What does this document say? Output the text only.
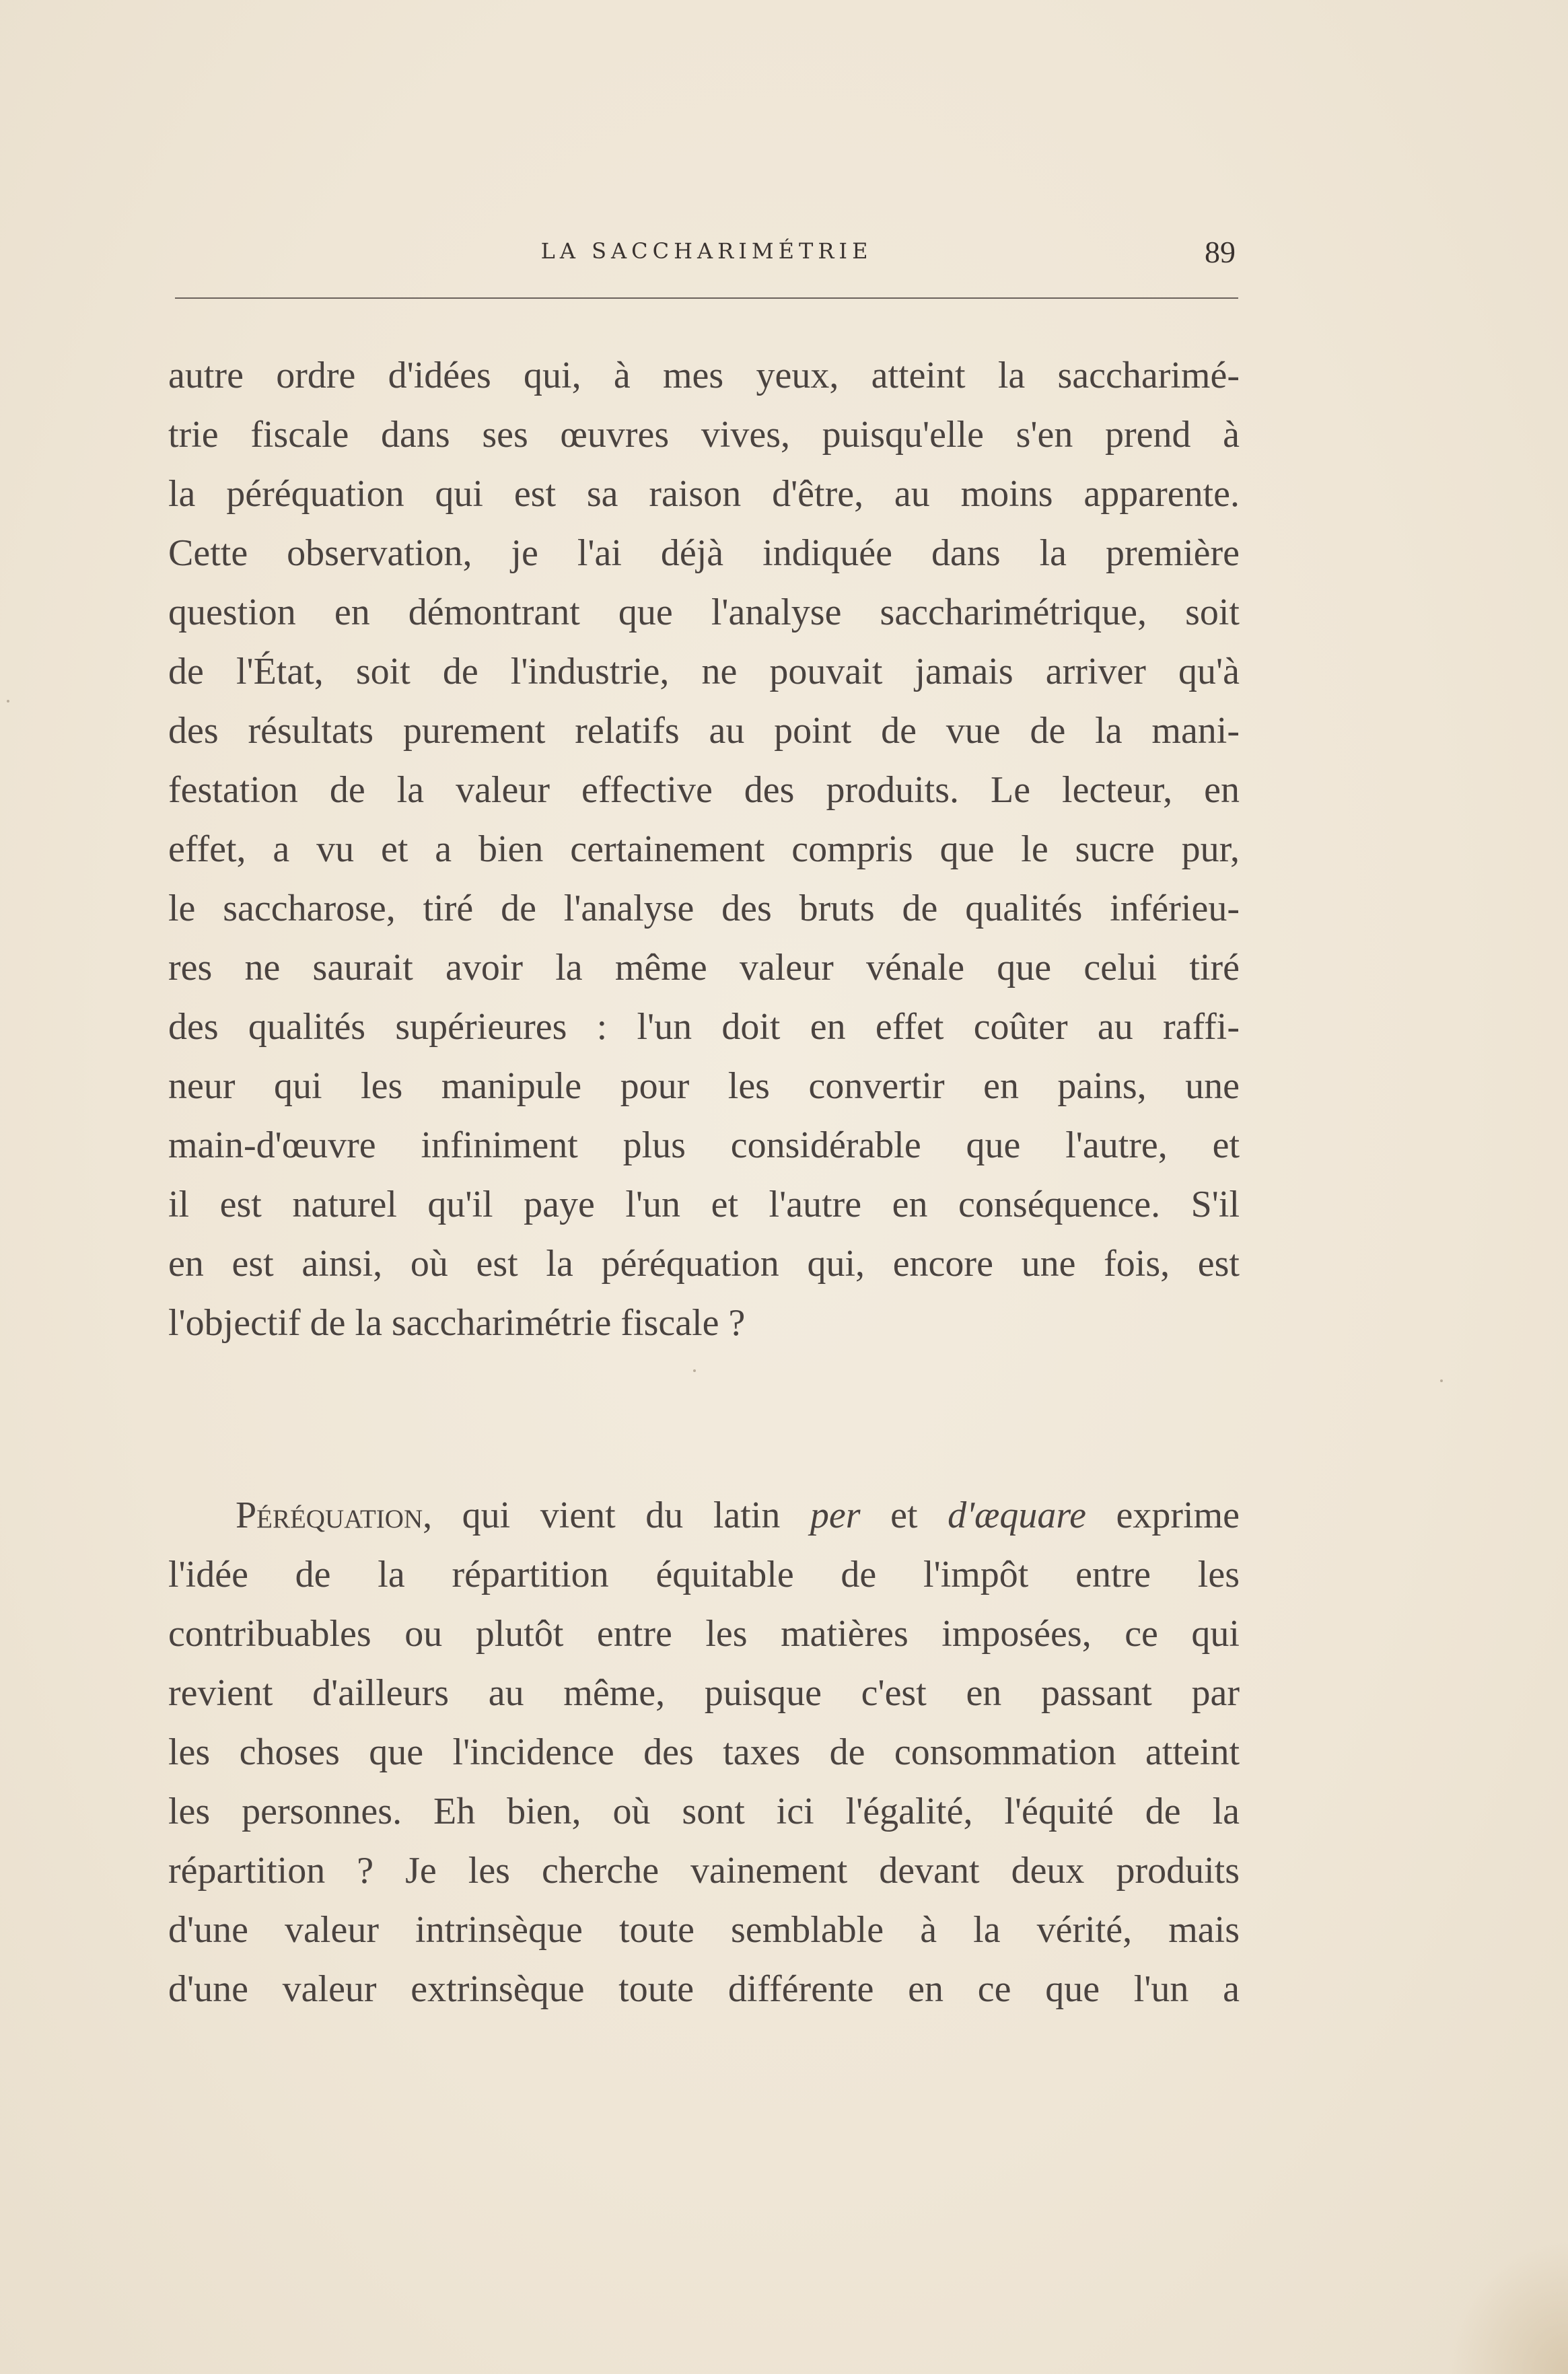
LA SACCHARIMÉTRIE	89
autre ordre d'idées qui, à mes yeux, atteint la saccharimé-
trie fiscale dans ses œuvres vives, puisqu'elle s'en prend à
la péréquation qui est sa raison d'être, au moins apparente.
Cette observation, je l'ai déjà indiquée dans la première
question en démontrant que l'analyse saccharimétrique, soit
de l'État, soit de l'industrie, ne pouvait jamais arriver qu'à
des résultats purement relatifs au point de vue de la mani-
festation de la valeur effective des produits. Le lecteur, en
effet, a vu et a bien certainement compris que le sucre pur,
le saccharose, tiré de l'analyse des bruts de qualités inférieu-
res ne saurait avoir la même valeur vénale que celui tiré
des qualités supérieures : l'un doit en effet coûter au raffi-
neur qui les manipule pour les convertir en pains, une
main-d'œuvre infiniment plus considérable que l'autre, et
il est naturel qu'il paye l'un et l'autre en conséquence. S'il
en est ainsi, où est la péréquation qui, encore une fois, est
l'objectif de la saccharimétrie fiscale ?
Péréquation, qui vient du latin per et d'æquare exprime
l'idée de la répartition équitable de l'impôt entre les
contribuables ou plutôt entre les matières imposées, ce qui
revient d'ailleurs au même, puisque c'est en passant par
les choses que l'incidence des taxes de consommation atteint
les personnes. Eh bien, où sont ici l'égalité, l'équité de la
répartition ? Je les cherche vainement devant deux produits
d'une valeur intrinsèque toute semblable à la vérité, mais
d'une valeur extrinsèque toute différente en ce que l'un a
